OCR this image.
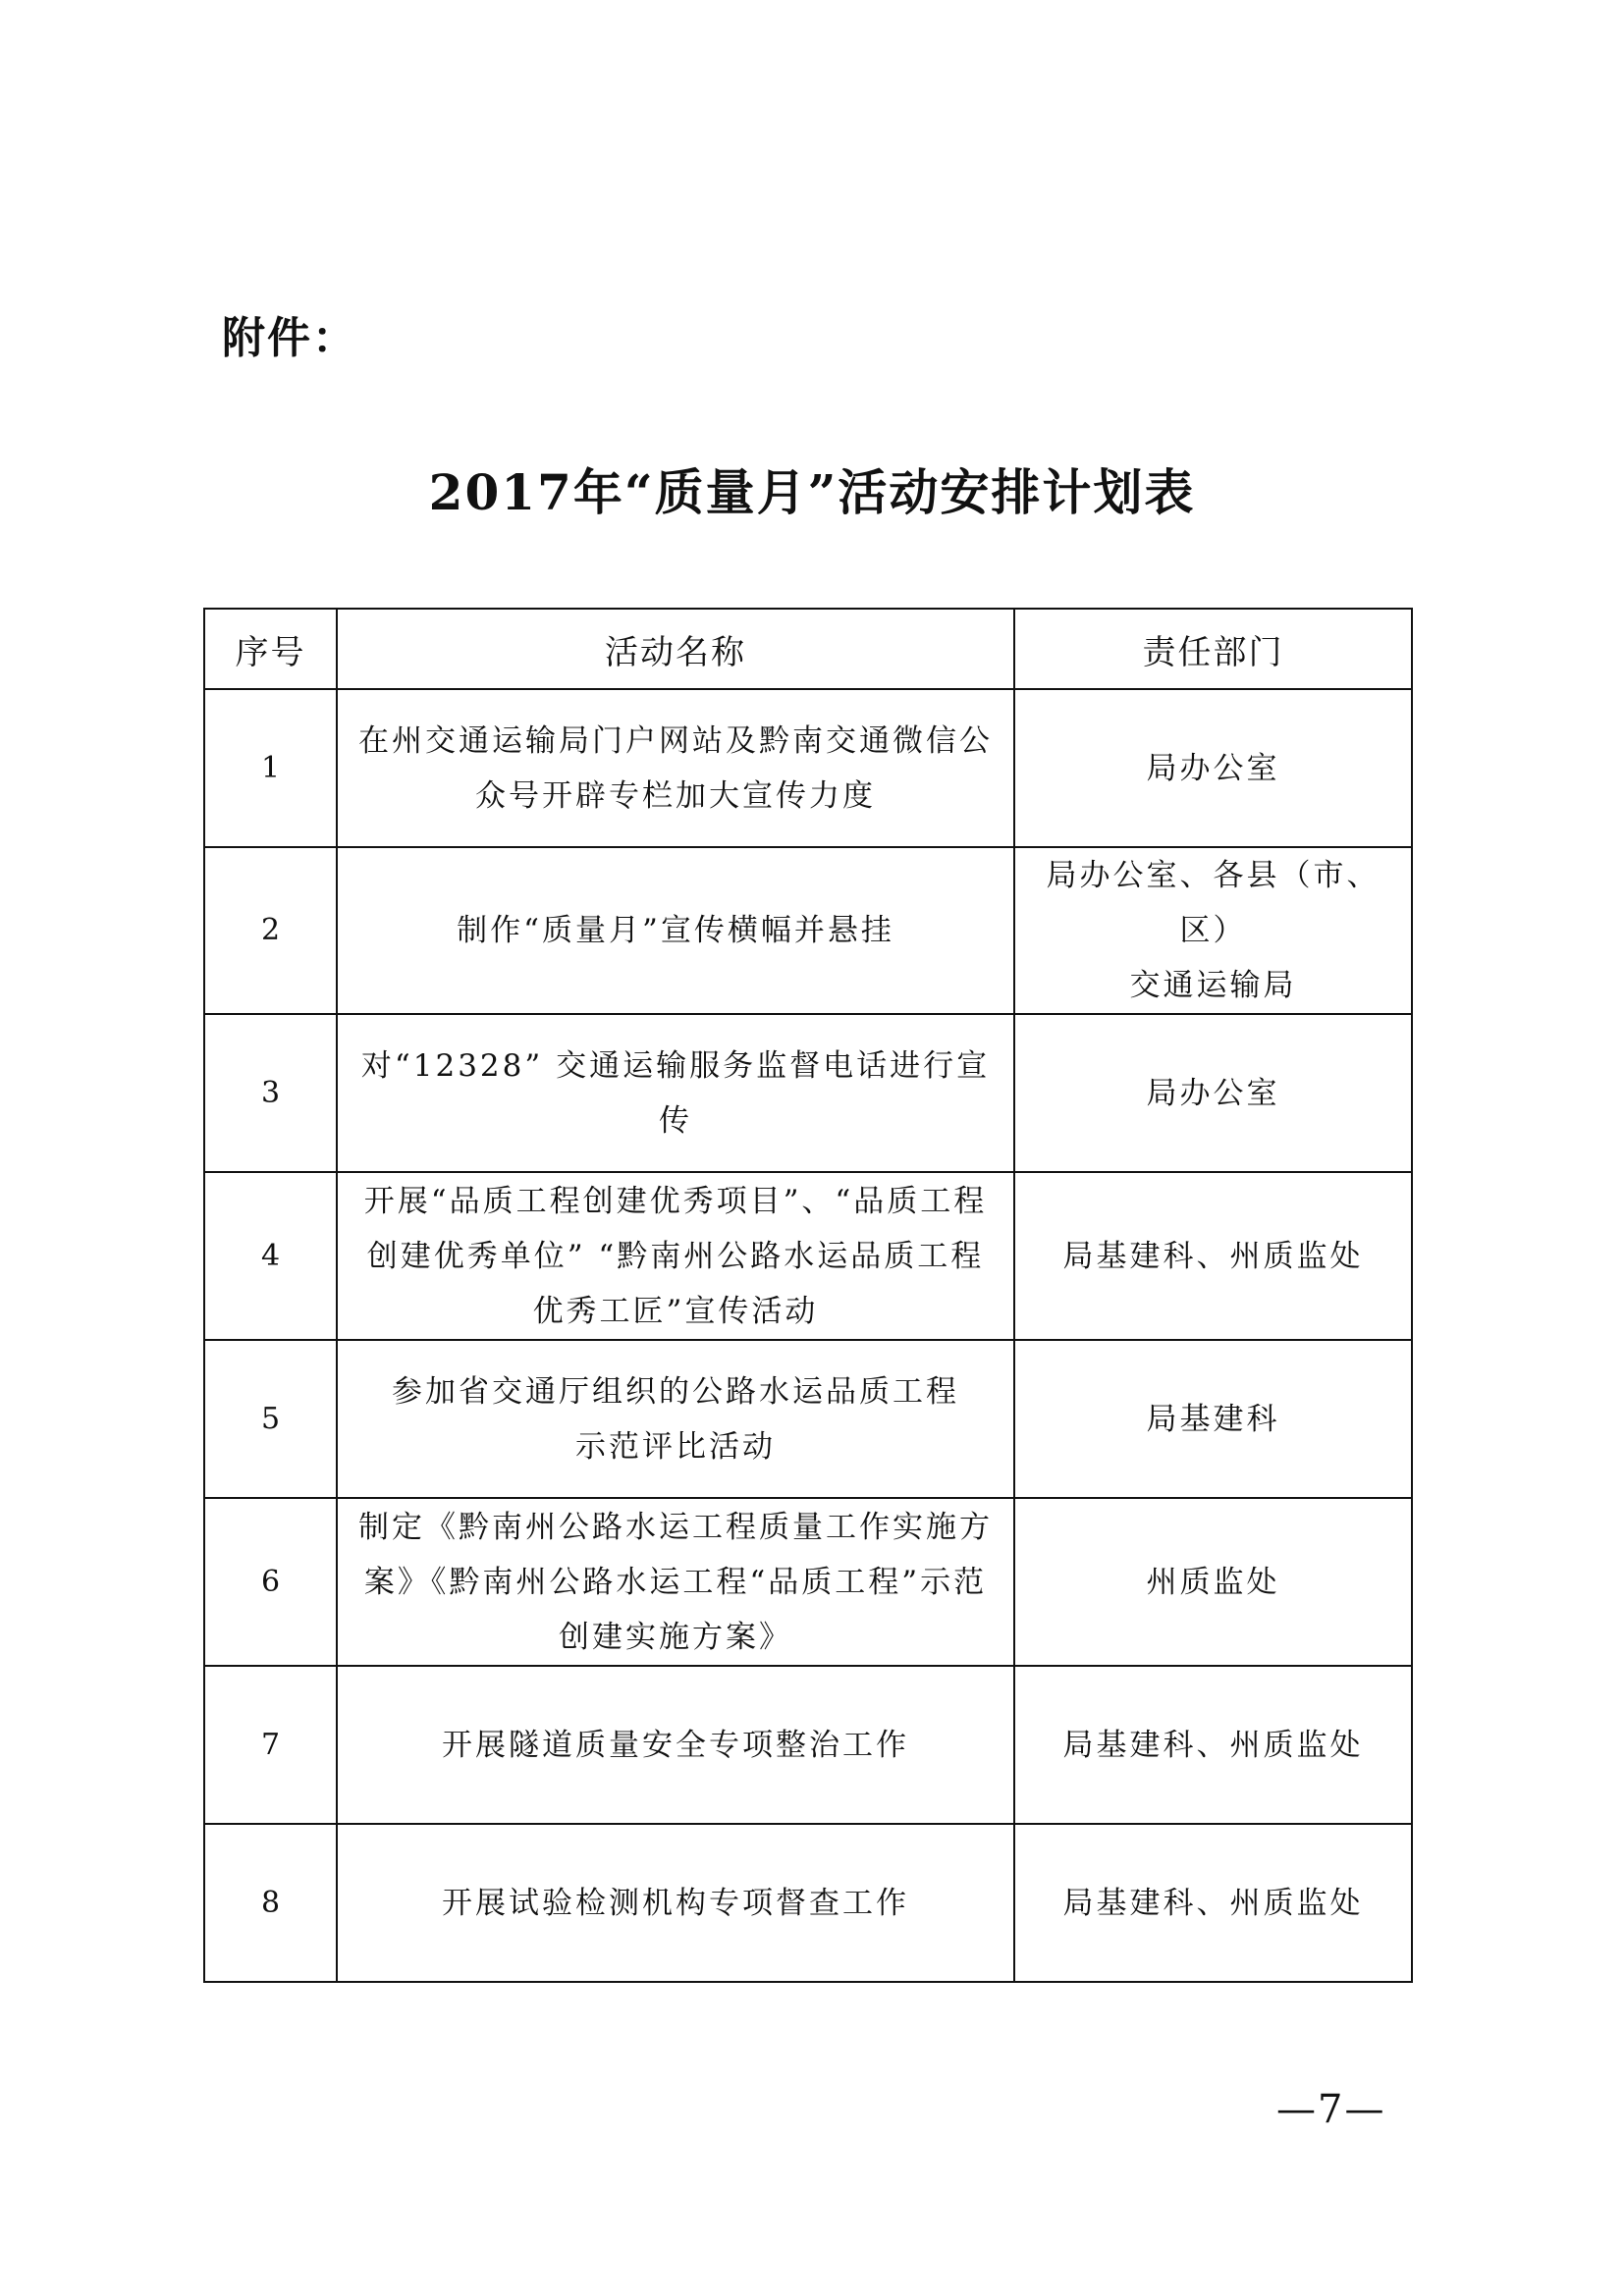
附件：
2017年“质量月”活动安排计划表
序号	活动名称	责任部门
1	在州交通运输局门户网站及黔南交通微信公
众号开辟专栏加大宣传力度	局办公室

2	制作“质量月”宣传横幅并悬挂	局办公室、各县（市、区）
交通运输局

3	对“12328” 交通运输服务监督电话进行宣传	局办公室

4	开展“品质工程创建优秀项目”、“品质工程
创建优秀单位” “黔南州公路水运品质工程
优秀工匠”宣传活动	局基建科、州质监处

5	参加省交通厅组织的公路水运品质工程
示范评比活动	局基建科

6	制定《黔南州公路水运工程质量工作实施方
案》《黔南州公路水运工程“品质工程”示范
创建实施方案》	州质监处

7	开展隧道质量安全专项整治工作	局基建科、州质监处

8	开展试验检测机构专项督查工作	局基建科、州质监处
—7—
